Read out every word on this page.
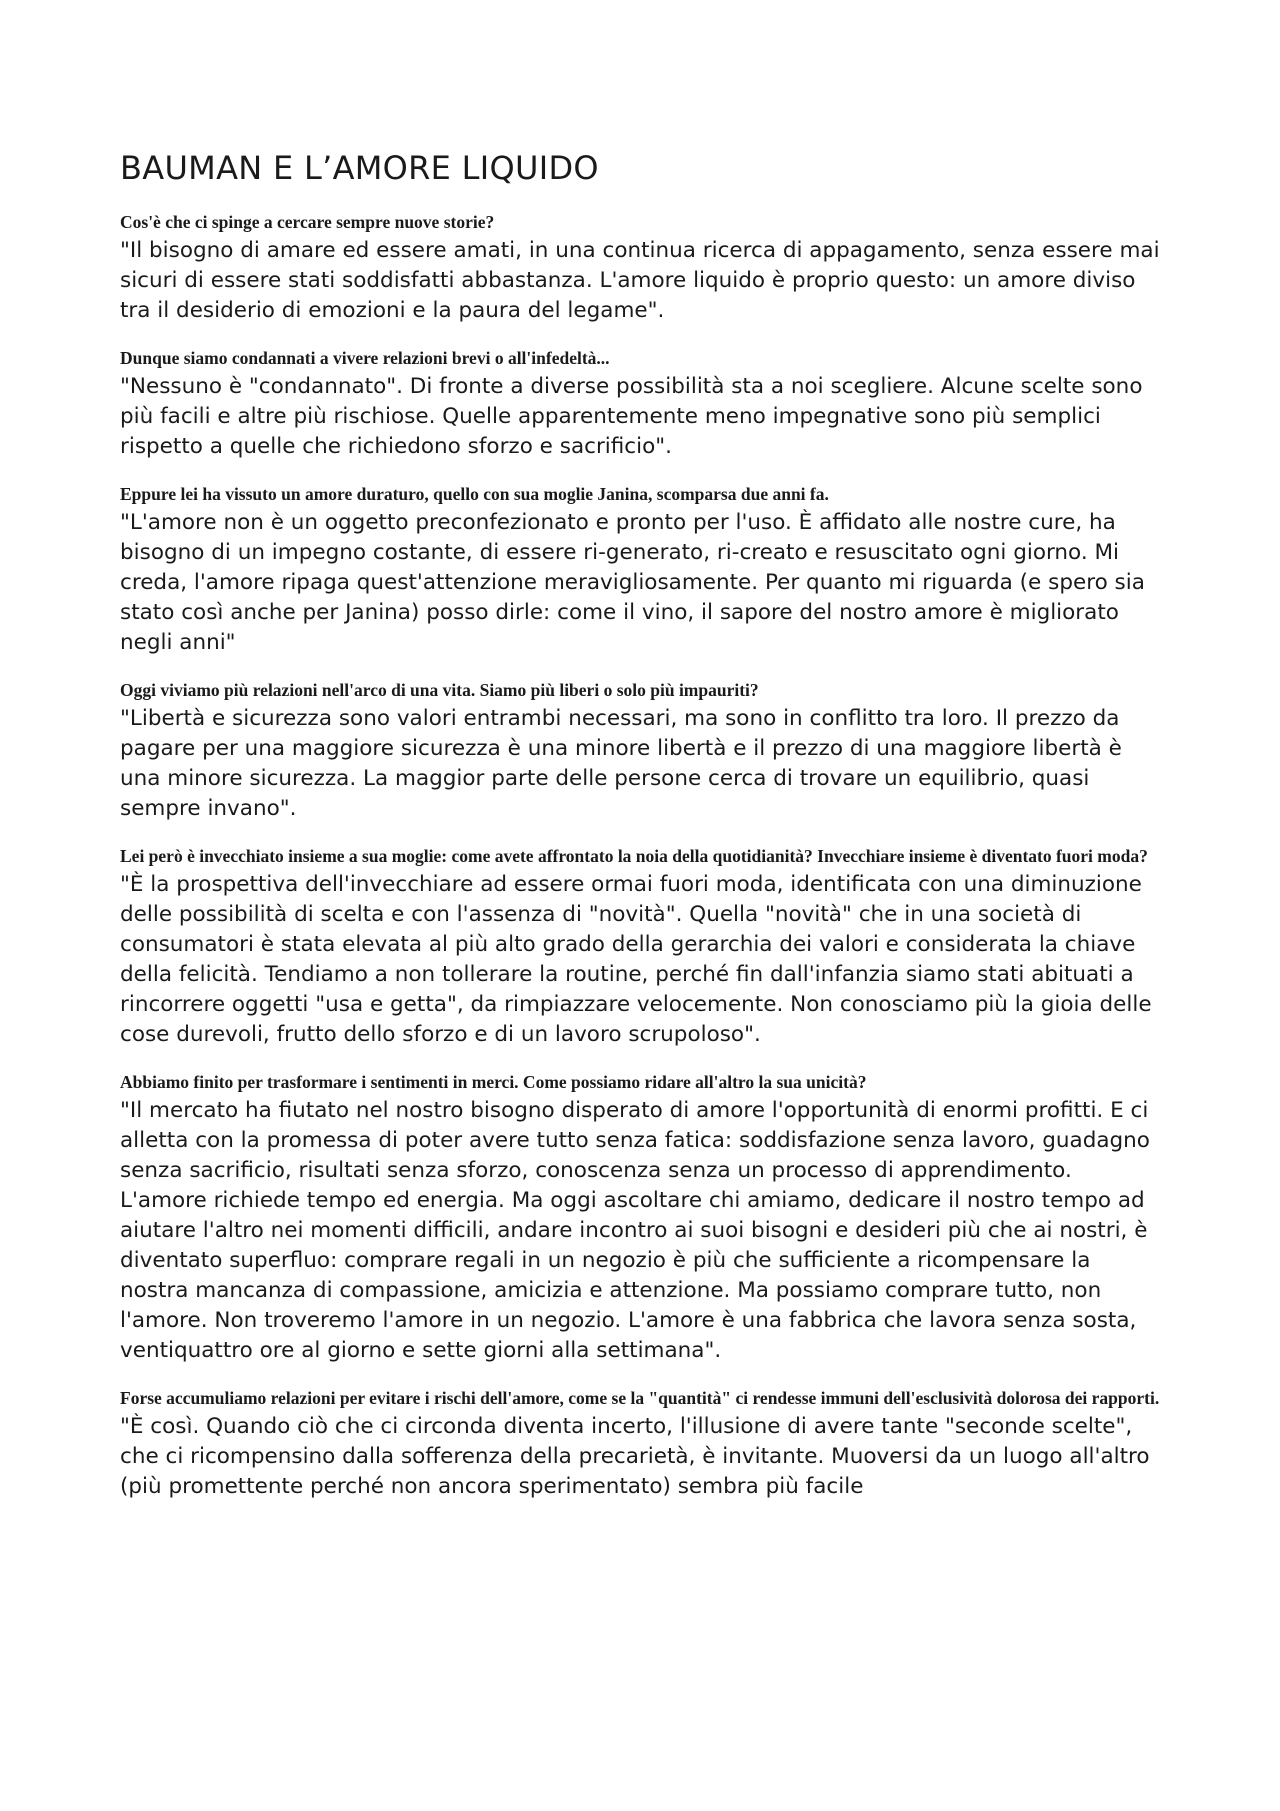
BAUMAN E L’AMORE LIQUIDO

Cos'è che ci spinge a cercare sempre nuove storie?

"Il bisogno di amare ed essere amati, in una continua ricerca di appagamento, senza essere mai sicuri di essere stati soddisfatti abbastanza. L'amore liquido è proprio questo: un amore diviso tra il desiderio di emozioni e la paura del legame".

Dunque siamo condannati a vivere relazioni brevi o all'infedeltà...

"Nessuno è "condannato". Di fronte a diverse possibilità sta a noi scegliere. Alcune scelte sono più facili e altre più rischiose. Quelle apparentemente meno impegnative sono più semplici rispetto a quelle che richiedono sforzo e sacrificio".

Eppure lei ha vissuto un amore duraturo, quello con sua moglie Janina, scomparsa due anni fa.

"L'amore non è un oggetto preconfezionato e pronto per l'uso. È affidato alle nostre cure, ha bisogno di un impegno costante, di essere ri-generato, ri-creato e resuscitato ogni giorno. Mi creda, l'amore ripaga quest'attenzione meravigliosamente. Per quanto mi riguarda (e spero sia stato così anche per Janina) posso dirle: come il vino, il sapore del nostro amore è migliorato negli anni"

Oggi viviamo più relazioni nell'arco di una vita. Siamo più liberi o solo più impauriti?

"Libertà e sicurezza sono valori entrambi necessari, ma sono in conflitto tra loro. Il prezzo da pagare per una maggiore sicurezza è una minore libertà e il prezzo di una maggiore libertà è una minore sicurezza. La maggior parte delle persone cerca di trovare un equilibrio, quasi sempre invano".

Lei però è invecchiato insieme a sua moglie: come avete affrontato la noia della quotidianità? Invecchiare insieme è diventato fuori moda?

"È la prospettiva dell'invecchiare ad essere ormai fuori moda, identificata con una diminuzione delle possibilità di scelta e con l'assenza di "novità". Quella "novità" che in una società di consumatori è stata elevata al più alto grado della gerarchia dei valori e considerata la chiave della felicità. Tendiamo a non tollerare la routine, perché fin dall'infanzia siamo stati abituati a rincorrere oggetti "usa e getta", da rimpiazzare velocemente. Non conosciamo più la gioia delle cose durevoli, frutto dello sforzo e di un lavoro scrupoloso".

Abbiamo finito per trasformare i sentimenti in merci. Come possiamo ridare all'altro la sua unicità?

"Il mercato ha fiutato nel nostro bisogno disperato di amore l'opportunità di enormi profitti. E ci alletta con la promessa di poter avere tutto senza fatica: soddisfazione senza lavoro, guadagno senza sacrificio, risultati senza sforzo, conoscenza senza un processo di apprendimento. L'amore richiede tempo ed energia. Ma oggi ascoltare chi amiamo, dedicare il nostro tempo ad aiutare l'altro nei momenti difficili, andare incontro ai suoi bisogni e desideri più che ai nostri, è diventato superfluo: comprare regali in un negozio è più che sufficiente a ricompensare la nostra mancanza di compassione, amicizia e attenzione. Ma possiamo comprare tutto, non l'amore. Non troveremo l'amore in un negozio. L'amore è una fabbrica che lavora senza sosta, ventiquattro ore al giorno e sette giorni alla settimana".

Forse accumuliamo relazioni per evitare i rischi dell'amore, come se la "quantità" ci rendesse immuni dell'esclusività dolorosa dei rapporti.

"È così. Quando ciò che ci circonda diventa incerto, l'illusione di avere tante "seconde scelte", che ci ricompensino dalla sofferenza della precarietà, è invitante. Muoversi da un luogo all'altro (più promettente perché non ancora sperimentato) sembra più facile
